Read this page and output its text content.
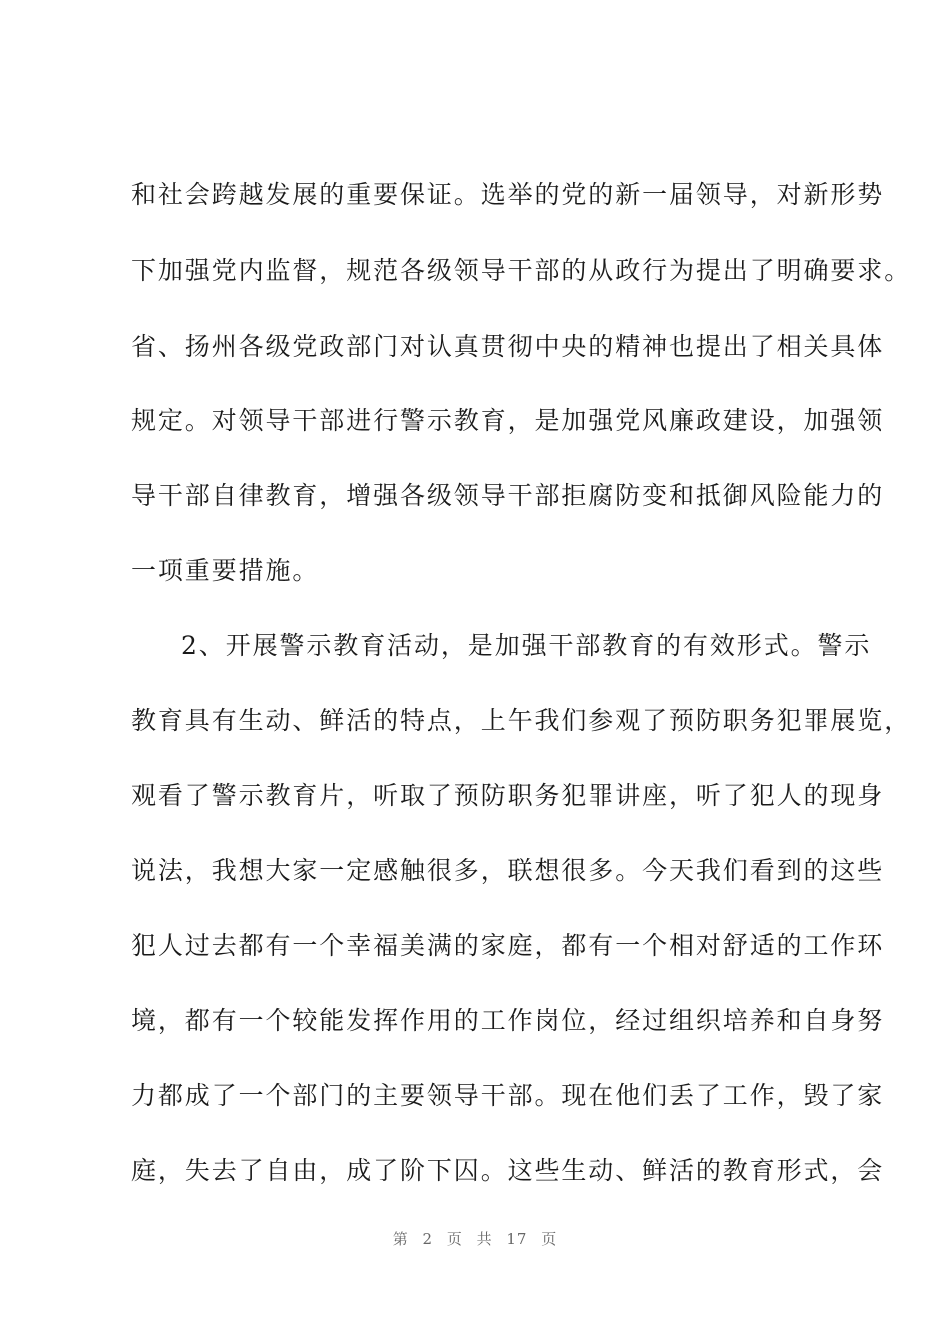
和社会跨越发展的重要保证。选举的党的新一届领导，对新形势
下加强党内监督，规范各级领导干部的从政行为提出了明确要求。
省、扬州各级党政部门对认真贯彻中央的精神也提出了相关具体
规定。对领导干部进行警示教育，是加强党风廉政建设，加强领
导干部自律教育，增强各级领导干部拒腐防变和抵御风险能力的
一项重要措施。
2、开展警示教育活动，是加强干部教育的有效形式。警示
教育具有生动、鲜活的特点，上午我们参观了预防职务犯罪展览，
观看了警示教育片，听取了预防职务犯罪讲座，听了犯人的现身
说法，我想大家一定感触很多，联想很多。今天我们看到的这些
犯人过去都有一个幸福美满的家庭，都有一个相对舒适的工作环
境，都有一个较能发挥作用的工作岗位，经过组织培养和自身努
力都成了一个部门的主要领导干部。现在他们丢了工作，毁了家
庭，失去了自由，成了阶下囚。这些生动、鲜活的教育形式，会
第 2 页 共 17 页
